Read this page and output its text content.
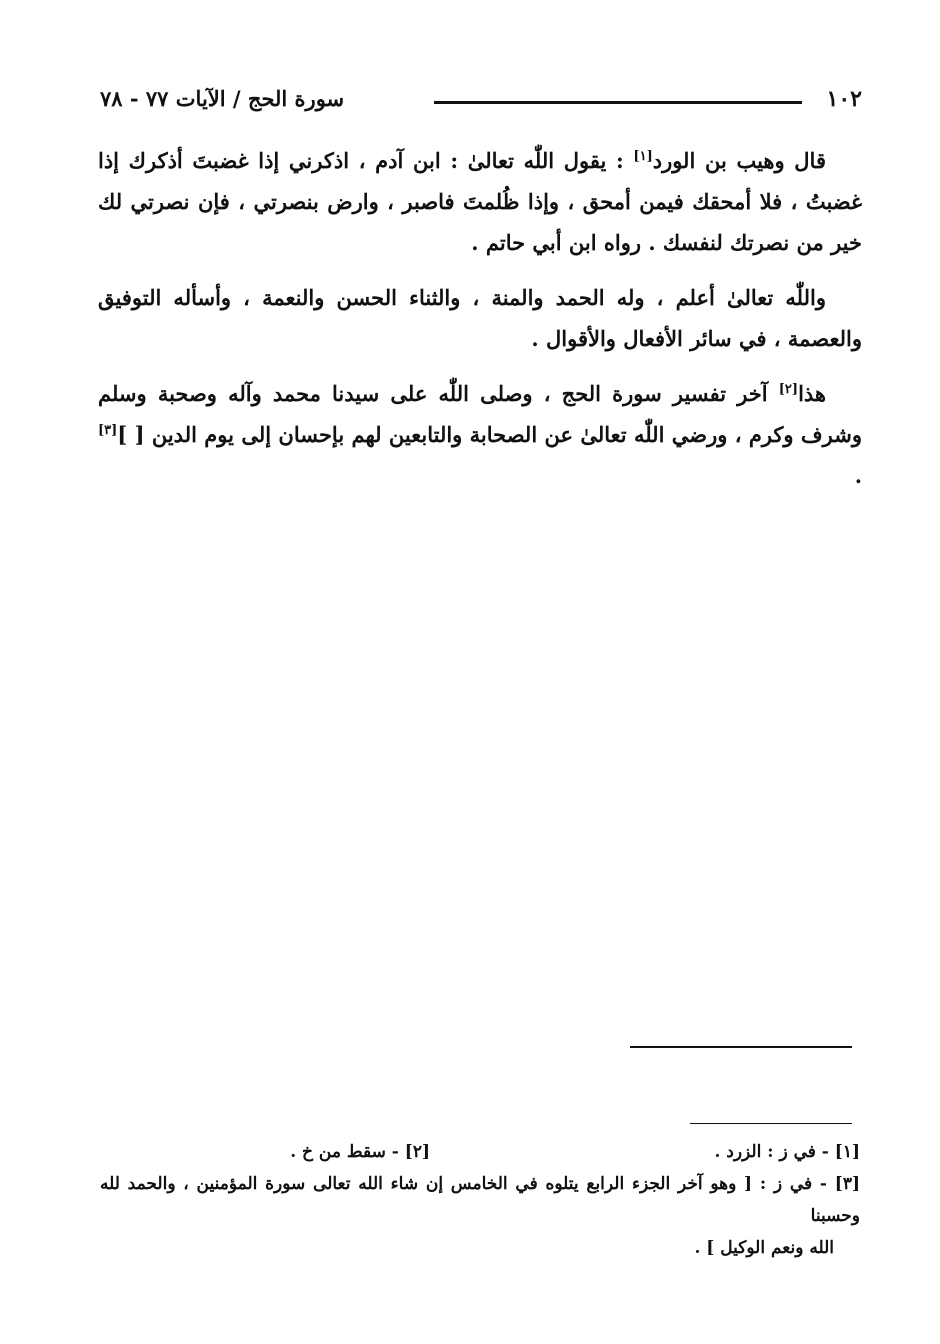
١٠٢
سورة الحج / الآيات ٧٧ - ٧٨

قال وهيب بن الورد[١] : يقول اللّٰه تعالىٰ : ابن آدم ، اذكرني إذا غضبتَ أذكرك إذا غضبتُ ، فلا أمحقك فيمن أمحق ، وإذا ظُلمتَ فاصبر ، وارض بنصرتي ، فإن نصرتي لك خير من نصرتك لنفسك . رواه ابن أبي حاتم .

واللّٰه تعالىٰ أعلم ، وله الحمد والمنة ، والثناء الحسن والنعمة ، وأسأله التوفيق والعصمة ، في سائر الأفعال والأقوال .

هذا[٢] آخر تفسير سورة الحج ، وصلى اللّٰه على سيدنا محمد وآله وصحبة وسلم وشرف وكرم ، ورضي اللّٰه تعالىٰ عن الصحابة والتابعين لهم بإحسان إلى يوم الدين [ ][٣] .

[١] - في ز : الزرد .
[٢] - سقط من خ .
[٣] - في ز : [ وهو آخر الجزء الرابع يتلوه في الخامس إن شاء الله تعالى سورة المؤمنين ، والحمد لله وحسبنا
الله ونعم الوكيل ] .
